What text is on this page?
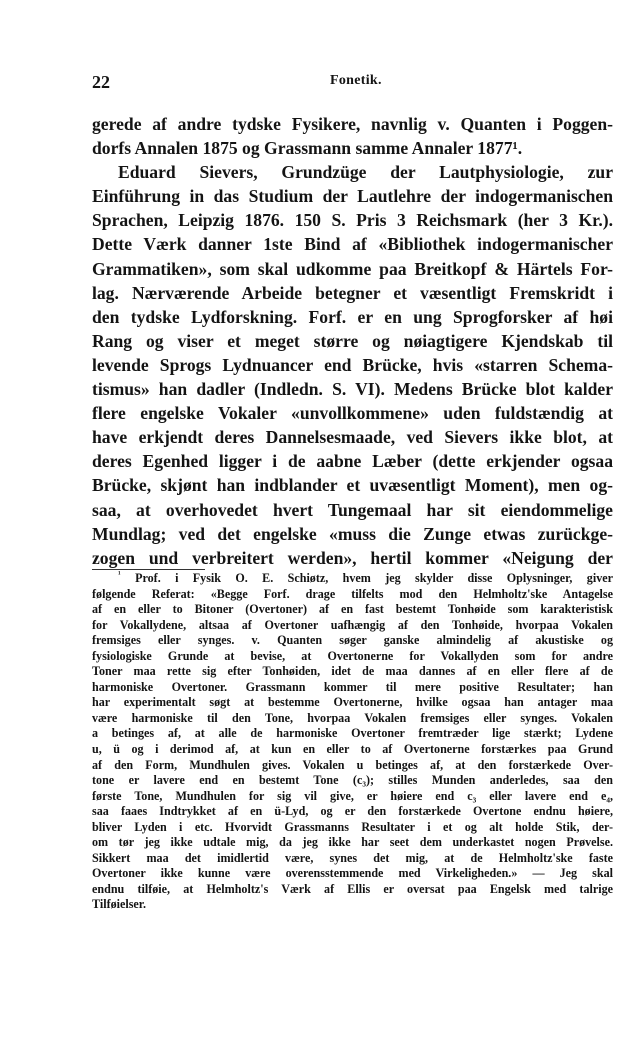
22	Fonetik.
gerede af andre tydske Fysikere, navnlig v. Quanten i Poggen-
dorfs Annalen 1875 og Grassmann samme Annaler 1877¹.
Eduard Sievers, Grundzüge der Lautphysiologie, zur
Einführung in das Studium der Lautlehre der indogermanischen
Sprachen, Leipzig 1876. 150 S. Pris 3 Reichsmark (her 3 Kr.).
Dette Værk danner 1ste Bind af «Bibliothek indogermanischer
Grammatiken», som skal udkomme paa Breitkopf & Härtels For-
lag. Nærværende Arbeide betegner et væsentligt Fremskridt i
den tydske Lydforskning. Forf. er en ung Sprogforsker af høi
Rang og viser et meget større og nøiagtigere Kjendskab til
levende Sprogs Lydnuancer end Brücke, hvis «starren Schema-
tismus» han dadler (Indledn. S. VI). Medens Brücke blot kalder
flere engelske Vokaler «unvollkommene» uden fuldstændig at
have erkjendt deres Dannelsesmaade, ved Sievers ikke blot, at
deres Egenhed ligger i de aabne Læber (dette erkjender ogsaa
Brücke, skjønt han indblander et uvæsentligt Moment), men og-
saa, at overhovedet hvert Tungemaal har sit eiendommelige
Mundlag; ved det engelske «muss die Zunge etwas zurückge-
zogen und verbreitert werden», hertil kommer «Neigung der
$^{^1}$ Prof. i Fysik O. E. Schiøtz, hvem jeg skylder disse Oplysninger, giver
følgende Referat: «Begge Forf. drage tilfelts mod den Helmholtz'ske Antagelse
af en eller to Bitoner (Overtoner) af en fast bestemt Tonhøide som karakteristisk
for Vokallydene, altsaa af Overtoner uafhængig af den Tonhøide, hvorpaa Vokalen
fremsiges eller synges. v. Quanten søger ganske almindelig af akustiske og
fysiologiske Grunde at bevise, at Overtonerne for Vokallyden som for andre
Toner maa rette sig efter Tonhøiden, idet de maa dannes af en eller flere af de
harmoniske Overtoner. Grassmann kommer til mere positive Resultater; han
har experimentalt søgt at bestemme Overtonerne, hvilke ogsaa han antager maa
være harmoniske til den Tone, hvorpaa Vokalen fremsiges eller synges. Vokalen
a betinges af, at alle de harmoniske Overtoner fremtræder lige stærkt; Lydene
u, ü og i derimod af, at kun en eller to af Overtonerne forstærkes paa Grund
af den Form, Mundhulen gives. Vokalen u betinges af, at den forstærkede Over-
tone er lavere end en bestemt Tone (c₃); stilles Munden anderledes, saa den
første Tone, Mundhulen for sig vil give, er høiere end c₃ eller lavere end e₄,
saa faaes Indtrykket af en ü-Lyd, og er den forstærkede Overtone endnu høiere,
bliver Lyden i etc. Hvorvidt Grassmanns Resultater i et og alt holde Stik, der-
om tør jeg ikke udtale mig, da jeg ikke har seet dem underkastet nogen Prøvelse.
Sikkert maa det imidlertid være, synes det mig, at de Helmholtz'ske faste
Overtoner ikke kunne være overensstemmende med Virkeligheden.» — Jeg skal
endnu tilføie, at Helmholtz's Værk af Ellis er oversat paa Engelsk med talrige
Tilføielser.
